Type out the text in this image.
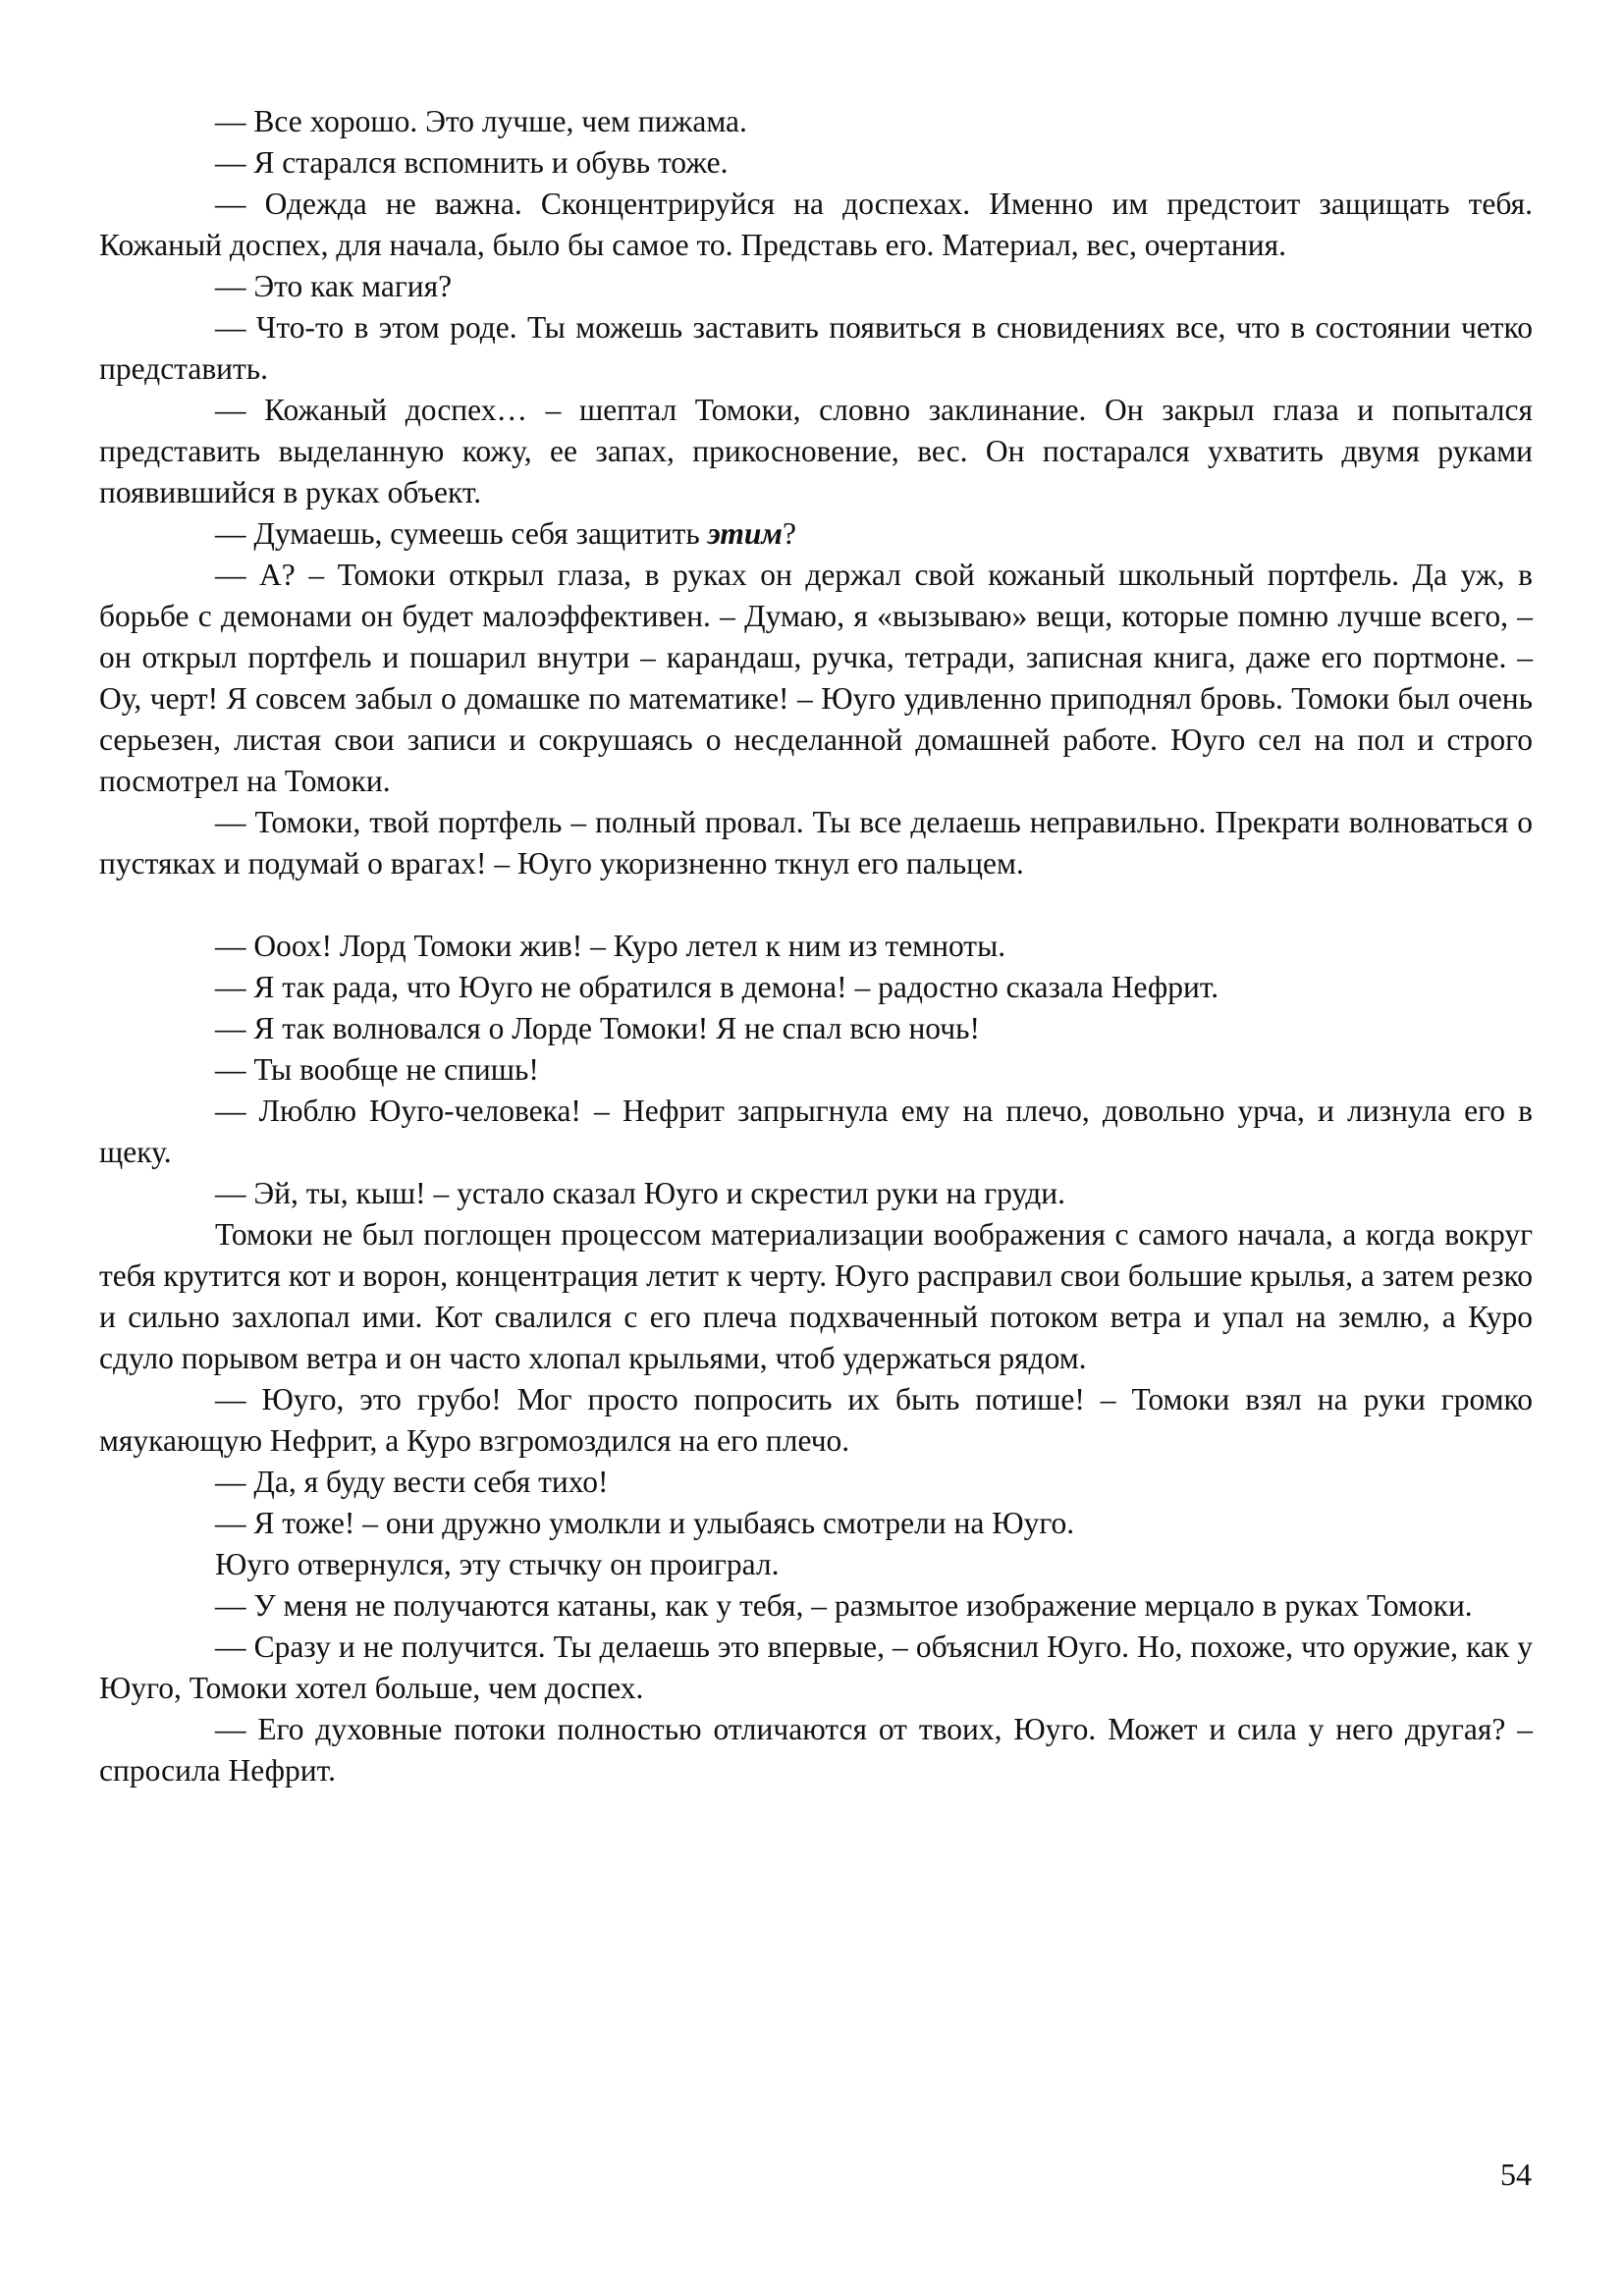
— Все хорошо. Это лучше, чем пижама.

— Я старался вспомнить и обувь тоже.

— Одежда не важна. Сконцентрируйся на доспехах. Именно им предстоит защищать тебя. Кожаный доспех, для начала, было бы самое то. Представь его. Материал, вес, очертания.

— Это как магия?

— Что-то в этом роде. Ты можешь заставить появиться в сновидениях все, что в состоянии четко представить.

— Кожаный доспех… – шептал Томоки, словно заклинание. Он закрыл глаза и попытался представить выделанную кожу, ее запах, прикосновение, вес. Он постарался ухватить двумя руками появившийся в руках объект.

— Думаешь, сумеешь себя защитить этим?

— А? – Томоки открыл глаза, в руках он держал свой кожаный школьный портфель. Да уж, в борьбе с демонами он будет малоэффективен. – Думаю, я «вызываю» вещи, которые помню лучше всего, – он открыл портфель и пошарил внутри – карандаш, ручка, тетради, записная книга, даже его портмоне. – Оу, черт! Я совсем забыл о домашке по математике! – Юуго удивленно приподнял бровь. Томоки был очень серьезен, листая свои записи и сокрушаясь о несделанной домашней работе. Юуго сел на пол и строго посмотрел на Томоки.

— Томоки, твой портфель – полный провал. Ты все делаешь неправильно. Прекрати волноваться о пустяках и подумай о врагах! – Юуго укоризненно ткнул его пальцем.

— Ооох! Лорд Томоки жив! – Куро летел к ним из темноты.

— Я так рада, что Юуго не обратился в демона! – радостно сказала Нефрит.

— Я так волновался о Лорде Томоки! Я не спал всю ночь!

— Ты вообще не спишь!

— Люблю Юуго-человека! – Нефрит запрыгнула ему на плечо, довольно урча, и лизнула его в щеку.

— Эй, ты, кыш! – устало сказал Юуго и скрестил руки на груди.

Томоки не был поглощен процессом материализации воображения с самого начала, а когда вокруг тебя крутится кот и ворон, концентрация летит к черту. Юуго расправил свои большие крылья, а затем резко и сильно захлопал ими. Кот свалился с его плеча подхваченный потоком ветра и упал на землю, а Куро сдуло порывом ветра и он часто хлопал крыльями, чтоб удержаться рядом.

— Юуго, это грубо! Мог просто попросить их быть потише! – Томоки взял на руки громко мяукающую Нефрит, а Куро взгромоздился на его плечо.

— Да, я буду вести себя тихо!

— Я тоже! – они дружно умолкли и улыбаясь смотрели на Юуго.

Юуго отвернулся, эту стычку он проиграл.

— У меня не получаются катаны, как у тебя, – размытое изображение мерцало в руках Томоки.

— Сразу и не получится. Ты делаешь это впервые, – объяснил Юуго. Но, похоже, что оружие, как у Юуго, Томоки хотел больше, чем доспех.

— Его духовные потоки полностью отличаются от твоих, Юуго. Может и сила у него другая? – спросила Нефрит.

54
